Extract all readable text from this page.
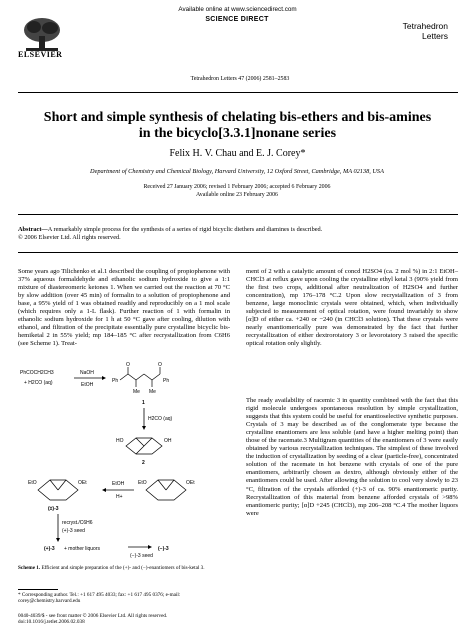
ELSEVIER
Available online at www.sciencedirect.com
SCIENCE DIRECT
Tetrahedron Letters
Tetrahedron Letters 47 (2006) 2581–2583
Short and simple synthesis of chelating bis-ethers and bis-amines in the bicyclo[3.3.1]nonane series
Felix H. V. Chau and E. J. Corey*
Department of Chemistry and Chemical Biology, Harvard University, 12 Oxford Street, Cambridge, MA 02138, USA
Received 27 January 2006; revised 1 February 2006; accepted 6 February 2006
Available online 23 February 2006
Abstract—A remarkably simple process for the synthesis of a series of rigid bicyclic diethers and diamines is described.
© 2006 Elsevier Ltd. All rights reserved.
Some years ago Tilichenko et al.1 described the coupling of propiophenone with 37% aqueous formaldehyde and ethanolic sodium hydroxide to give a 1:1 mixture of diastereomeric ketones 1. When we carried out the reaction at 70 °C by slow addition (over 45 min) of formalin to a solution of propiophenone and base, a 95% yield of 1 was obtained readily and reproducibly on a 1 mol scale (which requires only a 1-L flask). Further reaction of 1 with formalin in ethanolic sodium hydroxide for 1 h at 50 °C gave after cooling, dilution with ethanol, and filtration of the precipitate essentially pure crystalline bicyclic bis-hemiketal 2 in 55% yield; mp 184–185 °C after recrystallization from C6H6 (see Scheme 1). Treat-
PhCOCH2CH3
+ H2CO (aq)
NaOH
EtOH
Ph	Ph
O	O
Me Me
1
H2CO (aq)
HO	OH
2
EtO	OEt
(±)-3
EtOH
H+
EtO	OEt
recryst./C6H6
(+)-3 seed
(+)-3 + mother liquors
(−)-3 seed
(−)-3
Scheme 1. Efficient and simple preparation of the (+)- and (−)-enantiomers of bis-ketal 3.
* Corresponding author. Tel.: +1 617 495 4033; fax: +1 617 495 0376; e-mail: corey@chemistry.harvard.edu
0040-4039/$ - see front matter © 2006 Elsevier Ltd. All rights reserved.
doi:10.1016/j.tetlet.2006.02.038
ment of 2 with a catalytic amount of concd H2SO4 (ca. 2 mol %) in 2:1 EtOH–CHCl3 at reflux gave upon cooling the crystalline ethyl ketal 3 (90% yield from the first two crops, additional after neutralization of H2SO4 and further concentration), mp 176–178 °C.2 Upon slow recrystallization of 3 from benzene, large monoclinic crystals were obtained, which, when individually subjected to measurement of optical rotation, were found invariably to show [α]D of either ca. +240 or −240 (in CHCl3 solution). That these crystals were nearly enantiomerically pure was demonstrated by the fact that further recrystallization of either dextrorotatory 3 or levorotatory 3 raised the specific optical rotation only slightly.
The ready availability of racemic 3 in quantity combined with the fact that this rigid molecule undergoes spontaneous resolution by simple crystallization, suggests that this system could be useful for enantioselective synthetic purposes. Crystals of 3 may be described as of the conglomerate type because the crystalline enantiomers are less soluble (and have a higher melting point) than those of the racemate.3 Multigram quantities of the enantiomers of 3 were easily obtained by various recrystallization techniques. The simplest of these involved the induction of crystallization by seeding of a clear (particle-free), concentrated solution of the racemate in hot benzene with crystals of one of the pure enantiomers, arbitrarily chosen as dextro, although obviously either of the enantiomers could be used. After allowing the solution to cool very slowly to 23 °C, filtration of the crystals afforded (+)-3 of ca. 90% enantiomeric purity. Recrystallization of this material from benzene afforded crystals of >98% enantiomeric purity; [α]D +245 (CHCl3), mp 206–208 °C.4 The mother liquors were
